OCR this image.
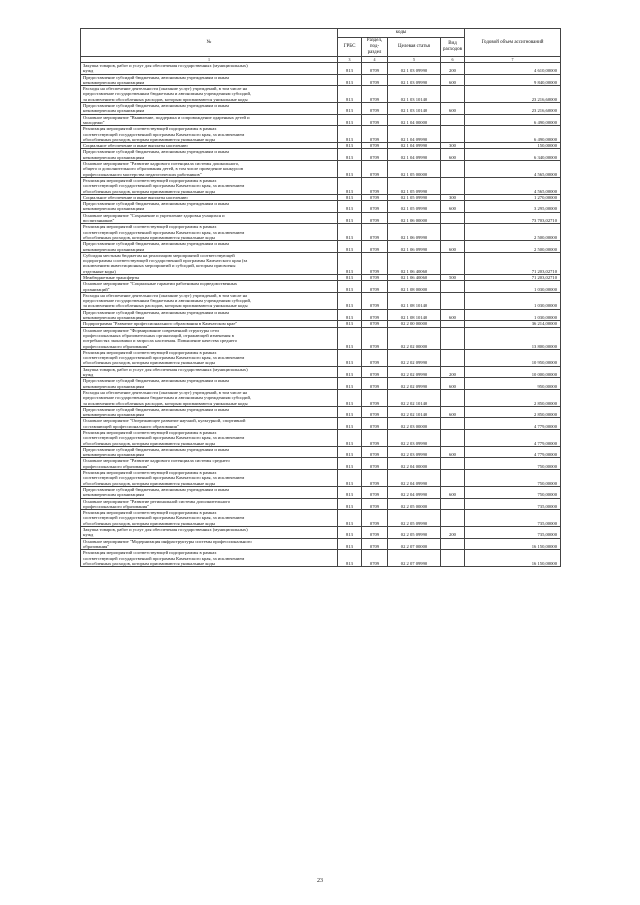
№	коды				Годовой объем ассигнований
	ГРБС	Раздел, под-раздел	Целевая статья	Вид расходов	
1	3	4	5	6	7
Закупка товаров, работ и услуг для обеспечения государственных (муниципальных)
нужд	813	0709	02 1 03 09990	200	4 610,00000
Предоставление субсидий бюджетным, автономным учреждениям и иным
некоммерческим организациям	813	0709	02 1 03 09990	600	9 840,00000
Расходы на обеспечение деятельности (оказание услуг) учреждений, в том числе на
предоставление государственным бюджетным и автономным учреждениям субсидий,
за исключением обособленных расходов, которым присваиваются уникальные коды	813	0709	02 1 03 10140		23 216,60000
Предоставление субсидий бюджетным, автономным учреждениям и иным
некоммерческим организациям	813	0709	02 1 03 10140	600	23 216,60000
Основное мероприятие "Выявление, поддержка и сопровождение одаренных детей и
молодежи"	813	0709	02 1 04 00000		6 490,00000
Реализация мероприятий соответствующей подпрограммы в рамках
соответствующей государственной программы Камчатского края, за исключением
обособленных расходов, которым присваиваются уникальные коды	813	0709	02 1 04 09990		6 490,00000
Социальное обеспечение и иные выплаты населению	813	0709	02 1 04 09990	300	150,00000
Предоставление субсидий бюджетным, автономным учреждениям и иным
некоммерческим организациям	813	0709	02 1 04 09990	600	6 340,00000
Основное мероприятие "Развитие кадрового потенциала системы дошкольного,
общего и дополнительного образования детей, в том числе проведение конкурсов
профессионального мастерства педагогических работников"	813	0709	02 1 05 00000		4 565,00000
Реализация мероприятий соответствующей подпрограммы в рамках
соответствующей государственной программы Камчатского края, за исключением
обособленных расходов, которым присваиваются уникальные коды	813	0709	02 1 05 09990		4 565,00000
Социальное обеспечение и иные выплаты населению	813	0709	02 1 05 09990	300	1 270,00000
Предоставление субсидий бюджетным, автономным учреждениям и иным
некоммерческим организациям	813	0709	02 1 05 09990	600	3 295,00000
Основное мероприятие "Сохранение и укрепление здоровья учащихся и
воспитанников"	813	0709	02 1 06 00000		73 703,02710
Реализация мероприятий соответствующей подпрограммы в рамках
соответствующей государственной программы Камчатского края, за исключением
обособленных расходов, которым присваиваются уникальные коды	813	0709	02 1 06 09990		2 500,00000
Предоставление субсидий бюджетным, автономным учреждениям и иным
некоммерческим организациям	813	0709	02 1 06 09990	600	2 500,00000
Субсидия местным бюджетам на реализацию мероприятий соответствующей
подпрограммы соответствующей государственной программы Камчатского края (за
исключением инвестиционных мероприятий и субсидий, которым присвоены
отдельные коды)	813	0709	02 1 06 40060		71 203,02710
Межбюджетные трансферты	813	0709	02 1 06 40060	500	71 203,02710
Основное мероприятие "Социальные гарантии работникам подведомственных
организаций"	813	0709	02 1 08 00000		1 030,00000
Расходы на обеспечение деятельности (оказание услуг) учреждений, в том числе на
предоставление государственным бюджетным и автономным учреждениям субсидий,
за исключением обособленных расходов, которым присваиваются уникальные коды	813	0709	02 1 08 10140		1 030,00000
Предоставление субсидий бюджетным, автономным учреждениям и иным
некоммерческим организациям	813	0709	02 1 08 10140	600	1 030,00000
Подпрограмма "Развитие профессионального образования в Камчатском крае"	813	0709	02 2 00 00000		36 214,00000
Основное мероприятие "Формирование современной структуры сети
профессиональных образовательных организаций, отражающей изменения в
потребностях экономики и запросах населения. Повышение качества среднего
профессионального образования"	813	0709	02 2 02 00000		13 800,00000
Реализация мероприятий соответствующей подпрограммы в рамках
соответствующей государственной программы Камчатского края, за исключением
обособленных расходов, которым присваиваются уникальные коды	813	0709	02 2 02 09990		10 950,00000
Закупка товаров, работ и услуг для обеспечения государственных (муниципальных)
нужд	813	0709	02 2 02 09990	200	10 000,00000
Предоставление субсидий бюджетным, автономным учреждениям и иным
некоммерческим организациям	813	0709	02 2 02 09990	600	950,00000
Расходы на обеспечение деятельности (оказание услуг) учреждений, в том числе на
предоставление государственным бюджетным и автономным учреждениям субсидий,
за исключением обособленных расходов, которым присваиваются уникальные коды	813	0709	02 2 02 10140		2 850,00000
Предоставление субсидий бюджетным, автономным учреждениям и иным
некоммерческим организациям	813	0709	02 2 02 10140	600	2 850,00000
Основное мероприятие "Опережающее развитие научной, культурной, спортивной
составляющей профессионального образования"	813	0709	02 2 03 00000		4 779,00000
Реализация мероприятий соответствующей подпрограммы в рамках
соответствующей государственной программы Камчатского края, за исключением
обособленных расходов, которым присваиваются уникальные коды	813	0709	02 2 03 09990		4 779,00000
Предоставление субсидий бюджетным, автономным учреждениям и иным
некоммерческим организациям	813	0709	02 2 03 09990	600	4 779,00000
Основное мероприятие "Развитие кадрового потенциала системы среднего
профессионального образования"	813	0709	02 2 04 00000		750,00000
Реализация мероприятий соответствующей подпрограммы в рамках
соответствующей государственной программы Камчатского края, за исключением
обособленных расходов, которым присваиваются уникальные коды	813	0709	02 2 04 09990		750,00000
Предоставление субсидий бюджетным, автономным учреждениям и иным
некоммерческим организациям	813	0709	02 2 04 09990	600	750,00000
Основное мероприятие "Развитие региональной системы дополнительного
профессионального образования"	813	0709	02 2 05 00000		735,00000
Реализация мероприятий соответствующей подпрограммы в рамках
соответствующей государственной программы Камчатского края, за исключением
обособленных расходов, которым присваиваются уникальные коды	813	0709	02 2 05 09990		735,00000
Закупка товаров, работ и услуг для обеспечения государственных (муниципальных)
нужд	813	0709	02 2 05 09990	200	735,00000
Основное мероприятие "Модернизация инфраструктуры системы профессионального
образования"	813	0709	02 2 07 00000		16 150,00000
Реализация мероприятий соответствующей подпрограммы в рамках
соответствующей государственной программы Камчатского края, за исключением
обособленных расходов, которым присваиваются уникальные коды	813	0709	02 2 07 09990		16 150,00000
23
